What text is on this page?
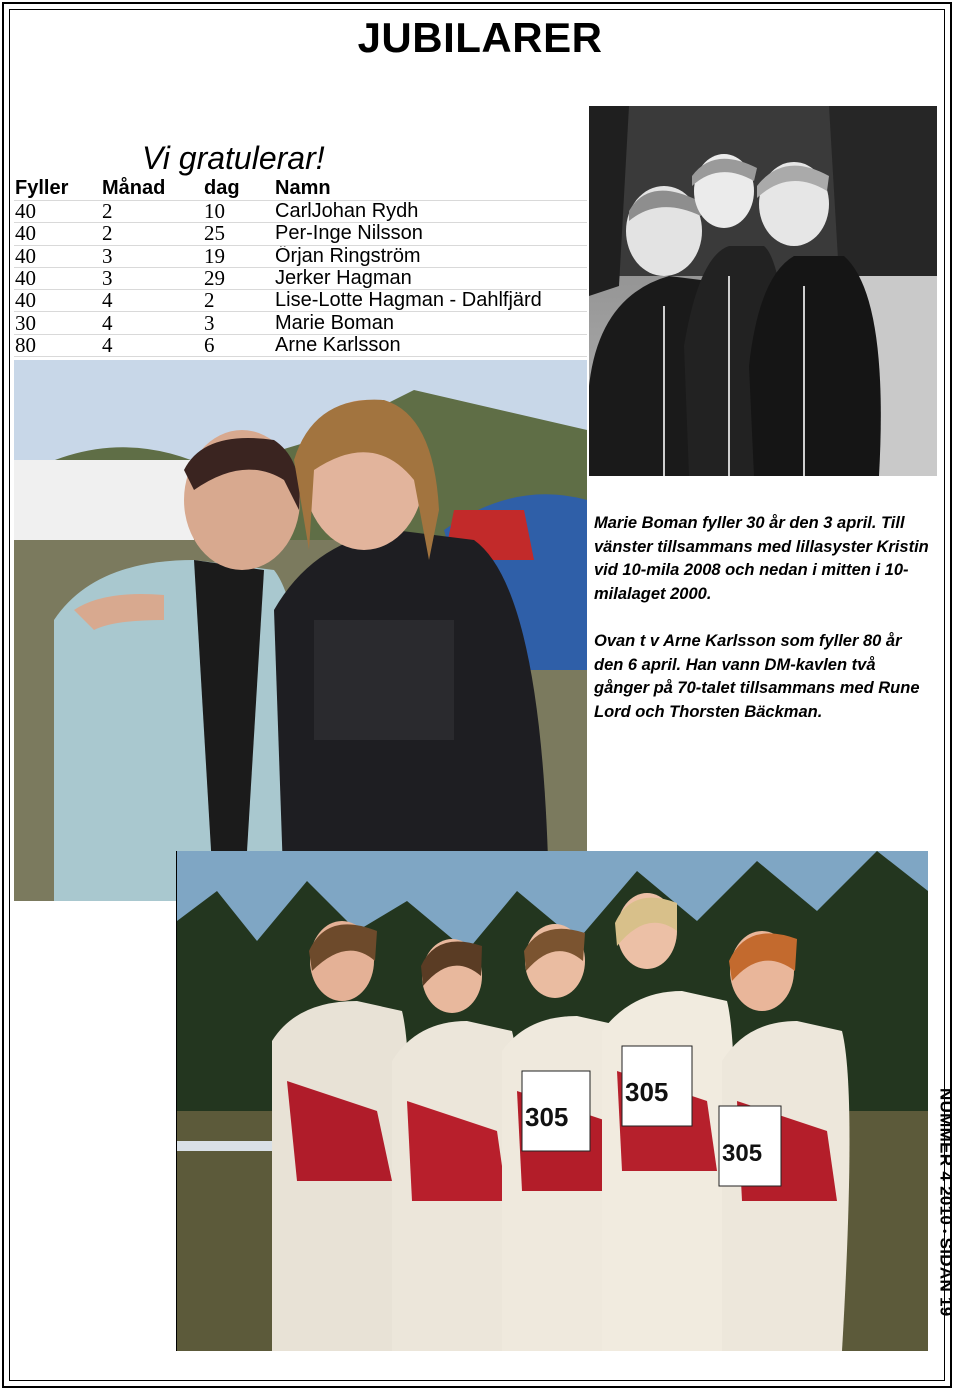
JUBILARER
Vi gratulerar!
Fyller	Månad	dag	Namn
40	2	10	CarlJohan Rydh
40	2	25	Per-Inge Nilsson
40	3	19	Örjan Ringström
40	3	29	Jerker Hagman
40	4	2	Lise-Lotte Hagman - Dahlfjärd
30	4	3	Marie Boman
80	4	6	Arne Karlsson
305
305
305
Marie Boman fyller 30 år den 3 april. Till vänster tillsammans med lillasyster Kristin vid 10-mila 2008 och nedan i mitten i 10-milalaget 2000.
Ovan t v Arne Karlsson som fyller 80 år den 6 april. Han vann DM-kavlen två gånger på 70-talet tillsammans med Rune Lord och Thorsten Bäckman.
NUMMER 4 2010•SIDAN 19
